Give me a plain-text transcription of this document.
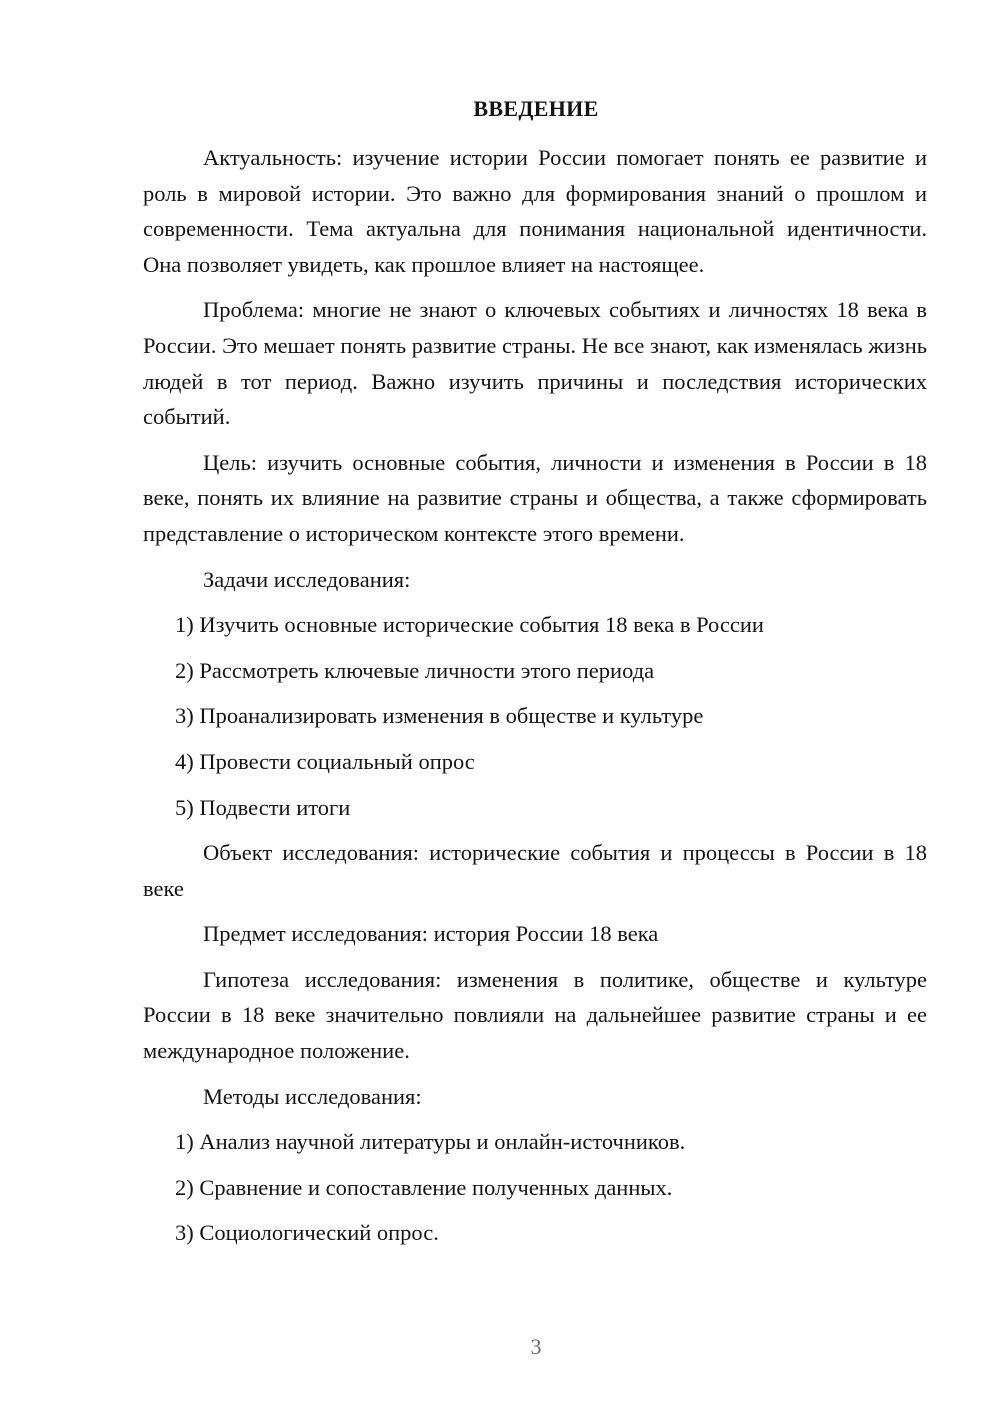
ВВЕДЕНИЕ

Актуальность: изучение истории России помогает понять ее развитие и роль в мировой истории. Это важно для формирования знаний о прошлом и современности. Тема актуальна для понимания национальной идентичности. Она позволяет увидеть, как прошлое влияет на настоящее.

Проблема: многие не знают о ключевых событиях и личностях 18 века в России. Это мешает понять развитие страны. Не все знают, как изменялась жизнь людей в тот период. Важно изучить причины и последствия исторических событий.

Цель: изучить основные события, личности и изменения в России в 18 веке, понять их влияние на развитие страны и общества, а также сформировать представление о историческом контексте этого времени.

Задачи исследования:

1) Изучить основные исторические события 18 века в России

2) Рассмотреть ключевые личности этого периода

3) Проанализировать изменения в обществе и культуре

4) Провести социальный опрос

5) Подвести итоги

Объект исследования: исторические события и процессы в России в 18 веке

Предмет исследования: история России 18 века

Гипотеза исследования: изменения в политике, обществе и культуре России в 18 веке значительно повлияли на дальнейшее развитие страны и ее международное положение.

Методы исследования:

1) Анализ научной литературы и онлайн-источников.

2) Сравнение и сопоставление полученных данных.

3) Социологический опрос.

3
